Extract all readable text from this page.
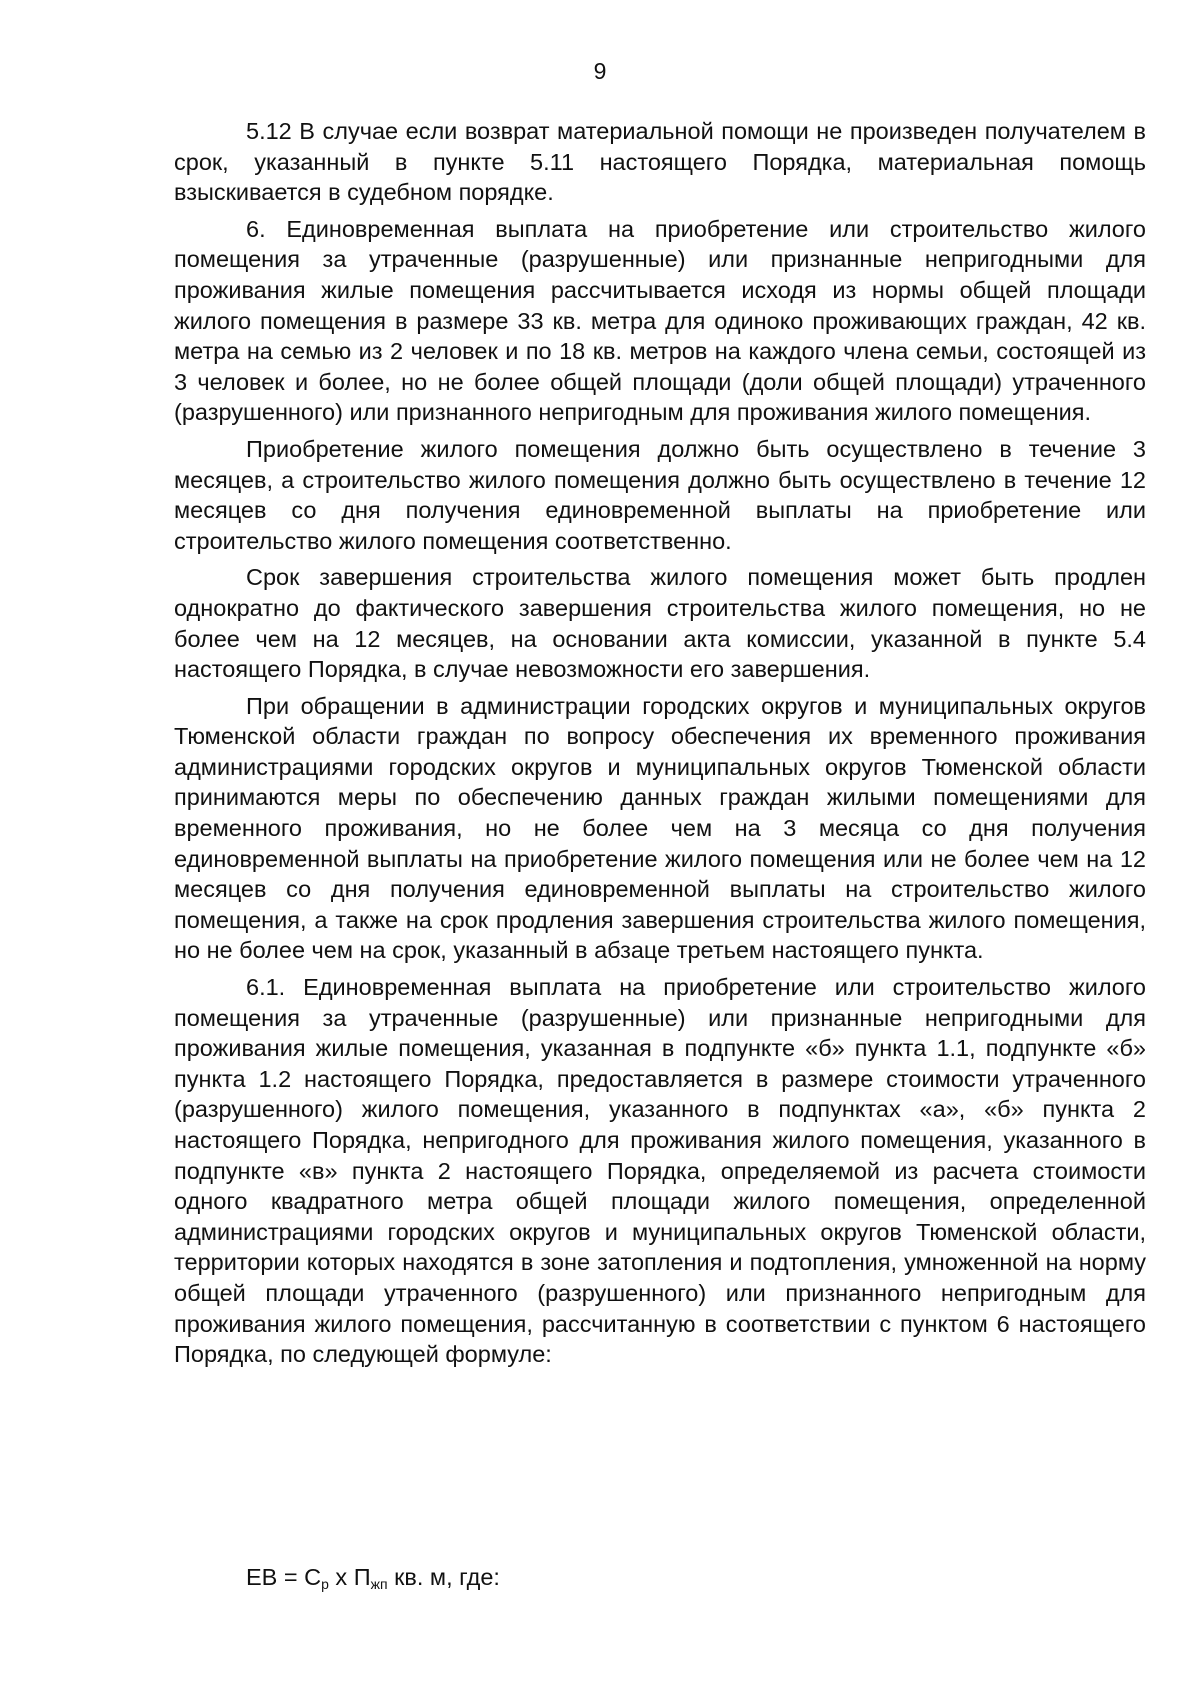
9

5.12 В случае если возврат материальной помощи не произведен получателем в срок, указанный в пункте 5.11 настоящего Порядка, материальная помощь взыскивается в судебном порядке.

6. Единовременная выплата на приобретение или строительство жилого помещения за утраченные (разрушенные) или признанные непригодными для проживания жилые помещения рассчитывается исходя из нормы общей площади жилого помещения в размере 33 кв. метра для одиноко проживающих граждан, 42 кв. метра на семью из 2 человек и по 18 кв. метров на каждого члена семьи, состоящей из 3 человек и более, но не более общей площади (доли общей площади) утраченного (разрушенного) или признанного непригодным для проживания жилого помещения.

Приобретение жилого помещения должно быть осуществлено в течение 3 месяцев, а строительство жилого помещения должно быть осуществлено в течение 12 месяцев со дня получения единовременной выплаты на приобретение или строительство жилого помещения соответственно.

Срок завершения строительства жилого помещения может быть продлен однократно до фактического завершения строительства жилого помещения, но не более чем на 12 месяцев, на основании акта комиссии, указанной в пункте 5.4 настоящего Порядка, в случае невозможности его завершения.

При обращении в администрации городских округов и муниципальных округов Тюменской области граждан по вопросу обеспечения их временного проживания администрациями городских округов и муниципальных округов Тюменской области принимаются меры по обеспечению данных граждан жилыми помещениями для временного проживания, но не более чем на 3 месяца со дня получения единовременной выплаты на приобретение жилого помещения или не более чем на 12 месяцев со дня получения единовременной выплаты на строительство жилого помещения, а также на срок продления завершения строительства жилого помещения, но не более чем на срок, указанный в абзаце третьем настоящего пункта.

6.1. Единовременная выплата на приобретение или строительство жилого помещения за утраченные (разрушенные) или признанные непригодными для проживания жилые помещения, указанная в подпункте «б» пункта 1.1, подпункте «б» пункта 1.2 настоящего Порядка, предоставляется в размере стоимости утраченного (разрушенного) жилого помещения, указанного в подпунктах «а», «б» пункта 2 настоящего Порядка, непригодного для проживания жилого помещения, указанного в подпункте «в» пункта 2 настоящего Порядка, определяемой из расчета стоимости одного квадратного метра общей площади жилого помещения, определенной администрациями городских округов и муниципальных округов Тюменской области, территории которых находятся в зоне затопления и подтопления, умноженной на норму общей площади утраченного (разрушенного) или признанного непригодным для проживания жилого помещения, рассчитанную в соответствии с пунктом 6 настоящего Порядка, по следующей формуле:

ЕВ = $С_р$ х $П_{жп}$ кв. м, где:
